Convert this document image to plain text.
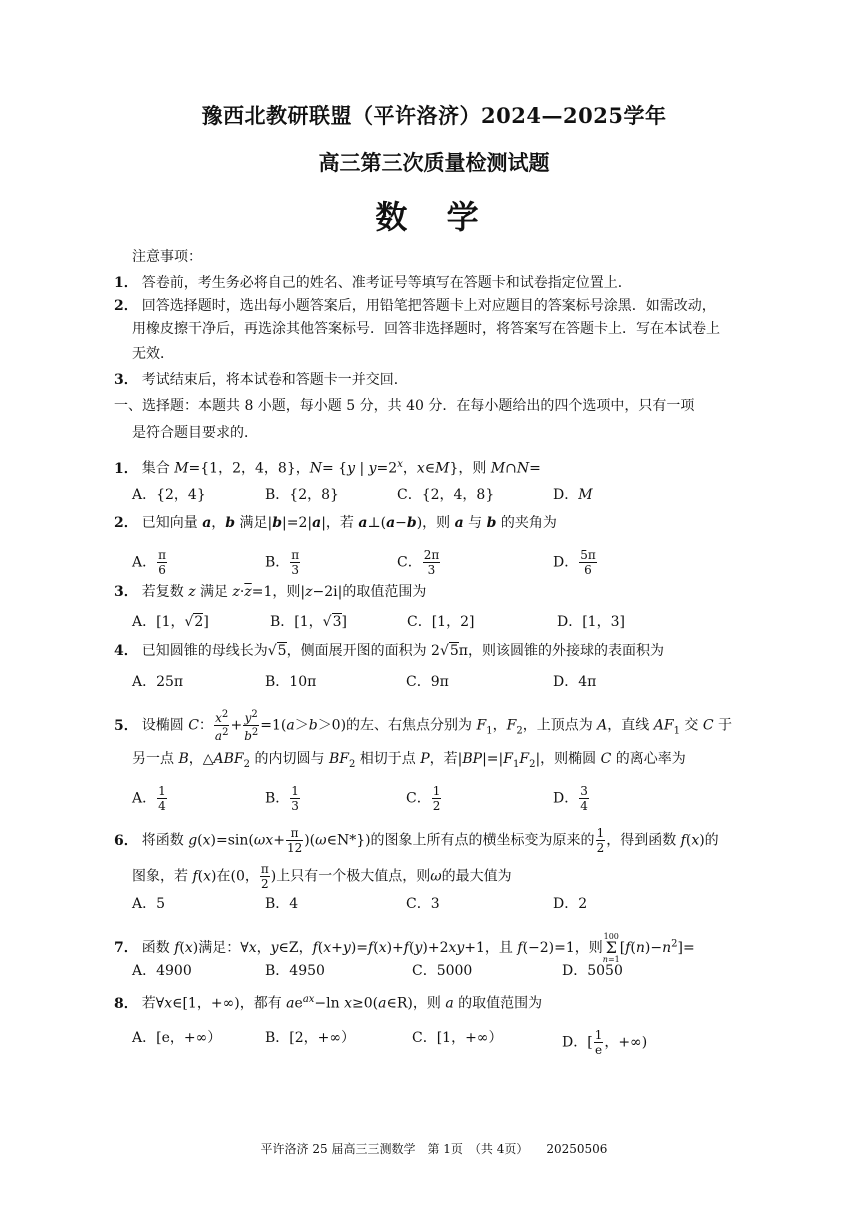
豫西北教研联盟（平许洛济）2024—2025学年
高三第三次质量检测试题
数 学
注意事项：
1． 答卷前，考生务必将自己的姓名、准考证号等填写在答题卡和试卷指定位置上．
2． 回答选择题时，选出每小题答案后，用铅笔把答题卡上对应题目的答案标号涂黑．如需改动，
用橡皮擦干净后，再选涂其他答案标号．回答非选择题时，将答案写在答题卡上．写在本试卷上
无效．
3． 考试结束后，将本试卷和答题卡一并交回．
一、选择题：本题共 8 小题，每小题 5 分，共 40 分．在每小题给出的四个选项中，只有一项
是符合题目要求的．
1． 集合 M={1，2，4，8}，N= {y | $y=2^x$，x∈M}，则 M∩N=
A．{2，4}	B．{2，8}	C．{2，4，8}	D．M
2． 已知向量 a，b 满足|b|=2|a|，若 a⊥(a−b)，则 a 与 b 的夹角为
A． $\frac{\pi}{6}$	B． $\frac{\pi}{3}$	C． $\frac{2\pi}{3}$	D． $\frac{5\pi}{6}$
3． 若复数 z 满足 $z\cdot\overline{z}=1$，则|z−2i|的取值范围为
A．[1，√2]	B．[1，√3]	C．[1，2]	D．[1，3]
4． 已知圆锥的母线长为√5，侧面展开图的面积为 2√5π，则该圆锥的外接球的表面积为
A．25π	B．10π	C．9π	D．4π
5． 设椭圆 C： $\frac{x^2}{a^2} + \frac{y^2}{b^2} =1(a>b>0)$的左、右焦点分别为 $F_1$，$F_2$，上顶点为 A，直线 $AF_1$ 交 C 于
另一点 B，$\triangle ABF_2$ 的内切圆与 $BF_2$ 相切于点 P，若$|BP|=|F_1F_2|$，则椭圆 C 的离心率为
A． $\frac{1}{4}$	B． $\frac{1}{3}$	C． $\frac{1}{2}$	D． $\frac{3}{4}$
6． 将函数 $g(x)=\sin(\omega x+ \frac{\pi}{12}$ )(ω∈N*})的图象上所有点的横坐标变为原来的 $\frac{1}{2}$ ，得到函数 f(x)的
图象，若 f(x)在(0， $\frac{\pi}{2}$ )上只有一个极大值点，则ω的最大值为
A．5	B．4	C．3	D．2
7． 函数 f(x)满足：∀x，y∈Z，f(x+y)=f(x)+f(y)+2xy+1，且 f(−2)=1，则100
Σ
$n=1[f(n)-n^2]=$
A．4900	B．4950	C．5000	D．5050
8． 若∀x∈[1，+∞)，都有 $ae^{ax}-\ln$ x≥0(a∈R)，则 a 的取值范围为
A．[e，+∞）	B．[2，+∞）	C．[1，+∞）	D．[ $\frac{1}{e}$ ，+∞)
平许洛济 25 届高三三测数学　第 1页　（共 4页）　　20250506
